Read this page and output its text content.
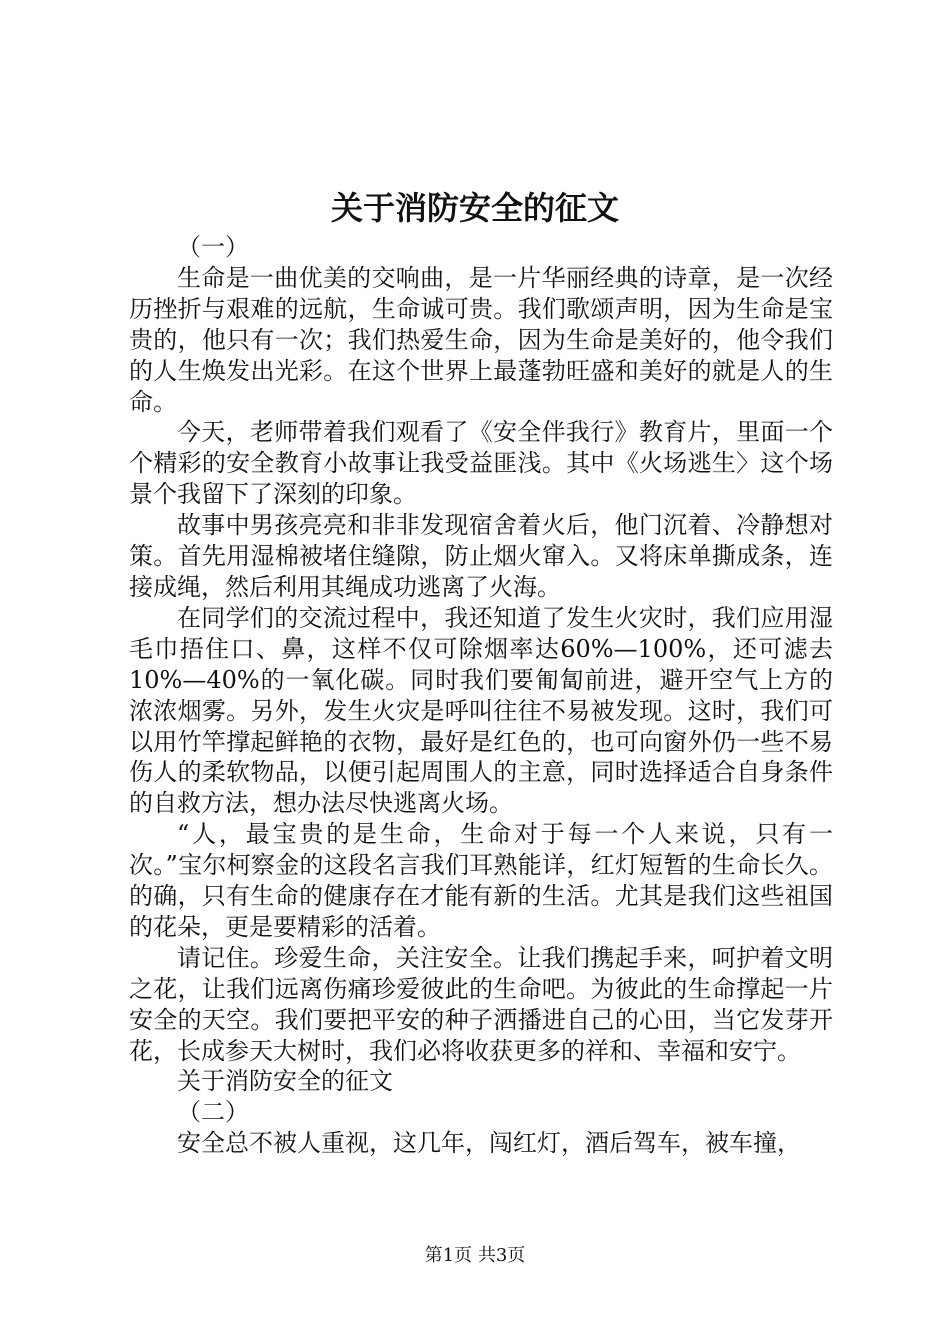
关于消防安全的征文

（一）

生命是一曲优美的交响曲，是一片华丽经典的诗章，是一次经历挫折与艰难的远航，生命诚可贵。我们歌颂声明，因为生命是宝贵的，他只有一次；我们热爱生命，因为生命是美好的，他令我们的人生焕发出光彩。在这个世界上最蓬勃旺盛和美好的就是人的生命。

今天，老师带着我们观看了《安全伴我行》教育片，里面一个个精彩的安全教育小故事让我受益匪浅。其中《火场逃生〉这个场景个我留下了深刻的印象。

故事中男孩亮亮和非非发现宿舍着火后，他门沉着、冷静想对策。首先用湿棉被堵住缝隙，防止烟火窜入。又将床单撕成条，连接成绳，然后利用其绳成功逃离了火海。

在同学们的交流过程中，我还知道了发生火灾时，我们应用湿毛巾捂住口、鼻，这样不仅可除烟率达60%—100%，还可滤去10%—40%的一氧化碳。同时我们要匍匐前进，避开空气上方的浓浓烟雾。另外，发生火灾是呼叫往往不易被发现。这时，我们可以用竹竿撑起鲜艳的衣物，最好是红色的，也可向窗外仍一些不易伤人的柔软物品，以便引起周围人的主意，同时选择适合自身条件的自救方法，想办法尽快逃离火场。

“人，最宝贵的是生命，生命对于每一个人来说，只有一次。”宝尔柯察金的这段名言我们耳熟能详，红灯短暂的生命长久。的确，只有生命的健康存在才能有新的生活。尤其是我们这些祖国的花朵，更是要精彩的活着。

请记住。珍爱生命，关注安全。让我们携起手来，呵护着文明之花，让我们远离伤痛珍爱彼此的生命吧。为彼此的生命撑起一片安全的天空。我们要把平安的种子洒播进自己的心田，当它发芽开花，长成参天大树时，我们必将收获更多的祥和、幸福和安宁。

关于消防安全的征文

（二）

安全总不被人重视，这几年，闯红灯，酒后驾车，被车撞，

第1页 共3页
